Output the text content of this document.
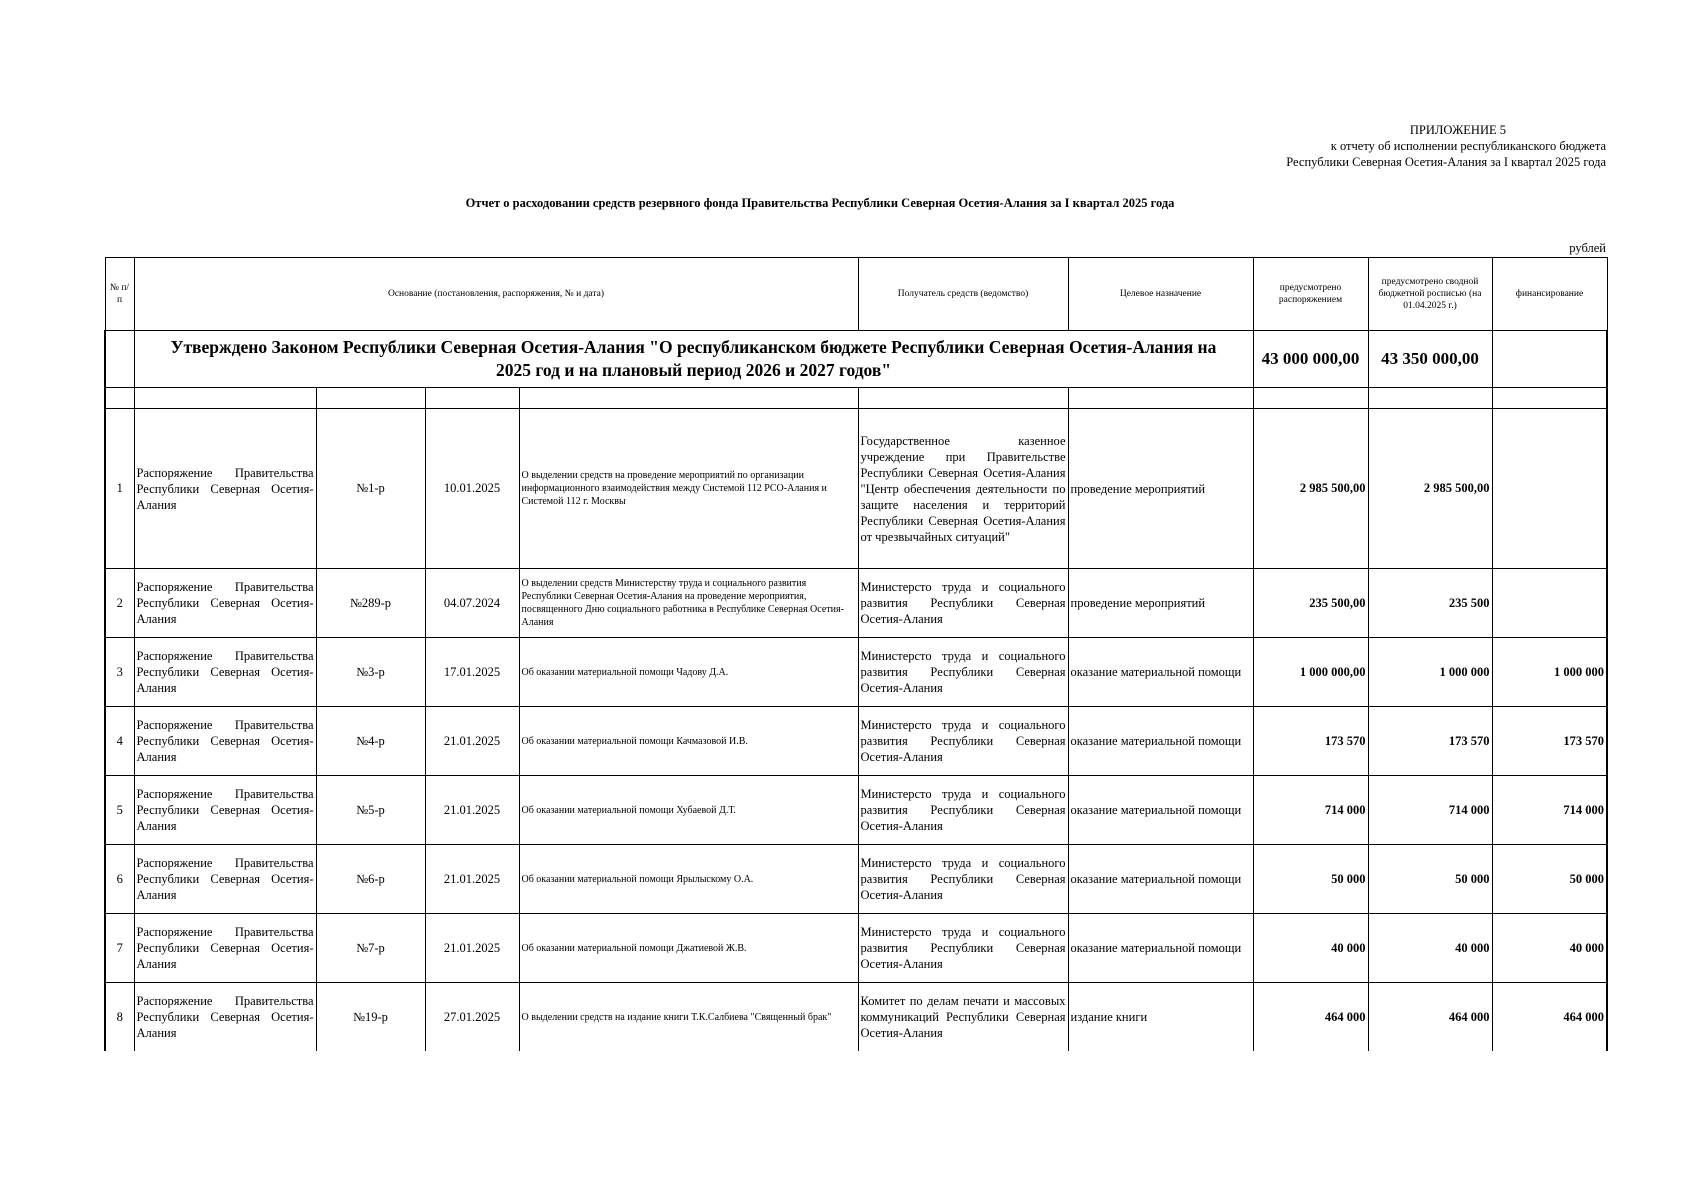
ПРИЛОЖЕНИЕ 5
к отчету об исполнении республиканского бюджета
Республики Северная Осетия-Алания за I квартал 2025 года
Отчет о расходовании средств резервного фонда Правительства Республики Северная Осетия-Алания за I квартал 2025 года
рублей
№ п/п	Основание (постановления, распоряжения, № и дата)				Получатель средств (ведомство)	Целевое назначение	предусмотрено распоряжением	предусмотрено сводной бюджетной росписью (на 01.04.2025 г.)	финансирование
	Утверждено Законом Республики Северная Осетия-Алания "О республиканском бюджете Республики Северная Осетия-Алания на 2025 год и на плановый период 2026 и 2027 годов"						43 000 000,00	43 350 000,00	

1	Распоряжение Правительства Республики Северная Осетия-Алания	№1-р	10.01.2025	О выделении средств на проведение мероприятий по организации информационного взаимодействия между Системой 112 РСО-Алания и Системой 112 г. Москвы	Государственное казенное учреждение при Правительстве Республики Северная Осетия-Алания "Центр обеспечения деятельности по защите населения и территорий Республики Северная Осетия-Алания от чрезвычайных ситуаций"	проведение мероприятий	2 985 500,00	2 985 500,00	
2	Распоряжение Правительства Республики Северная Осетия-Алания	№289-р	04.07.2024	О выделении средств Министерству труда и социального развития Республики Северная Осетия-Алания на проведение мероприятия, посвященного Дню социального работника в Республике Северная Осетия-Алания	Министерсто труда и социального развития Республики Северная Осетия-Алания	проведение мероприятий	235 500,00	235 500	
3	Распоряжение Правительства Республики Северная Осетия-Алания	№3-р	17.01.2025	Об оказании материальной помощи Чадову Д.А.	Министерсто труда и социального развития Республики Северная Осетия-Алания	оказание материальной помощи	1 000 000,00	1 000 000	1 000 000
4	Распоряжение Правительства Республики Северная Осетия-Алания	№4-р	21.01.2025	Об оказании материальной помощи Качмазовой И.В.	Министерсто труда и социального развития Республики Северная Осетия-Алания	оказание материальной помощи	173 570	173 570	173 570
5	Распоряжение Правительства Республики Северная Осетия-Алания	№5-р	21.01.2025	Об оказании материальной помощи Хубаевой Д.Т.	Министерсто труда и социального развития Республики Северная Осетия-Алания	оказание материальной помощи	714 000	714 000	714 000
6	Распоряжение Правительства Республики Северная Осетия-Алания	№6-р	21.01.2025	Об оказании материальной помощи Ярылыскому О.А.	Министерсто труда и социального развития Республики Северная Осетия-Алания	оказание материальной помощи	50 000	50 000	50 000
7	Распоряжение Правительства Республики Северная Осетия-Алания	№7-р	21.01.2025	Об оказании материальной помощи Джатиевой Ж.В.	Министерсто труда и социального развития Республики Северная Осетия-Алания	оказание материальной помощи	40 000	40 000	40 000
8	Распоряжение Правительства Республики Северная Осетия-Алания	№19-р	27.01.2025	О выделении средств на издание книги Т.К.Салбиева "Священный брак"	Комитет по делам печати и массовых коммуникаций Республики Северная Осетия-Алания	издание книги	464 000	464 000	464 000
